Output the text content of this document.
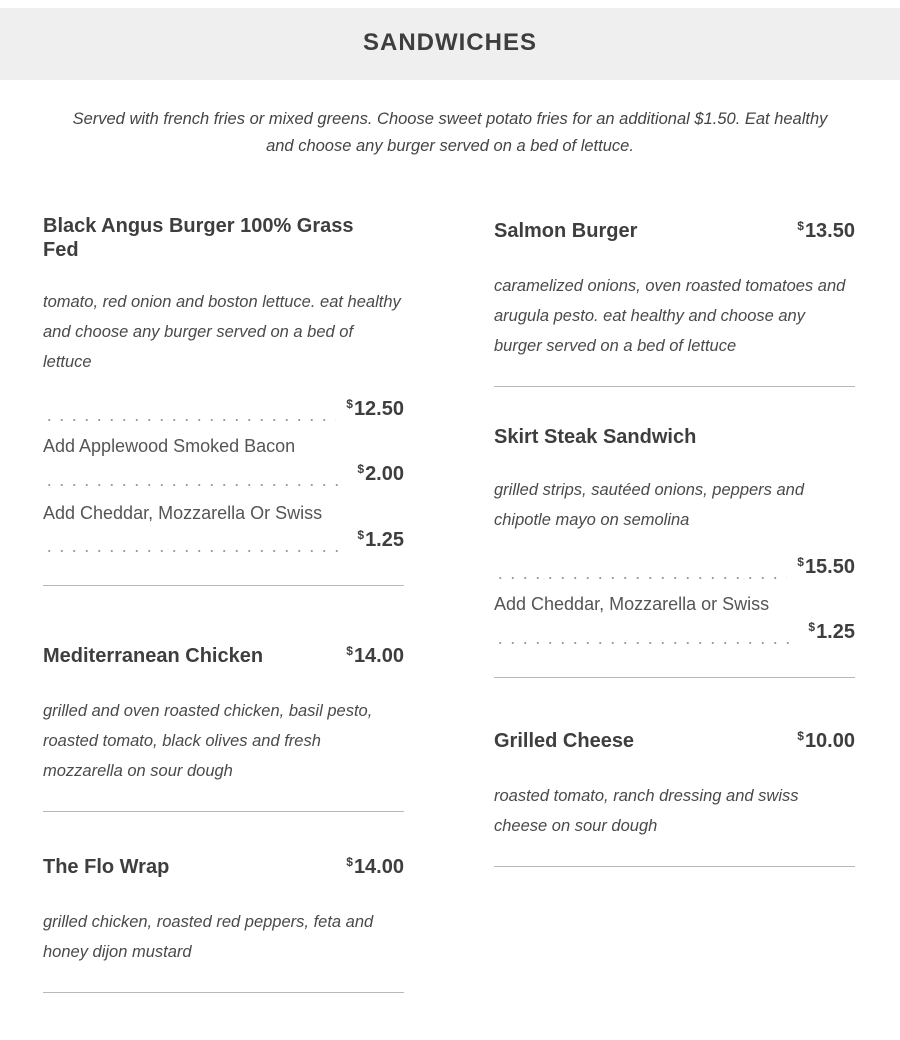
SANDWICHES

Served with french fries or mixed greens. Choose sweet potato fries for an additional $1.50. Eat healthy and choose any burger served on a bed of lettuce.

Black Angus Burger 100% Grass Fed
tomato, red onion and boston lettuce. eat healthy and choose any burger served on a bed of lettuce
$12.50
Add Applewood Smoked Bacon
$2.00
Add Cheddar, Mozzarella Or Swiss
$1.25
Mediterranean Chicken	$14.00
grilled and oven roasted chicken, basil pesto, roasted tomato, black olives and fresh mozzarella on sour dough
The Flo Wrap	$14.00
grilled chicken, roasted red peppers, feta and honey dijon mustard
Salmon Burger	$13.50
caramelized onions, oven roasted tomatoes and arugula pesto. eat healthy and choose any burger served on a bed of lettuce
Skirt Steak Sandwich
grilled strips, sautéed onions, peppers and chipotle mayo on semolina
$15.50
Add Cheddar, Mozzarella or Swiss
$1.25
Grilled Cheese	$10.00
roasted tomato, ranch dressing and swiss cheese on sour dough
